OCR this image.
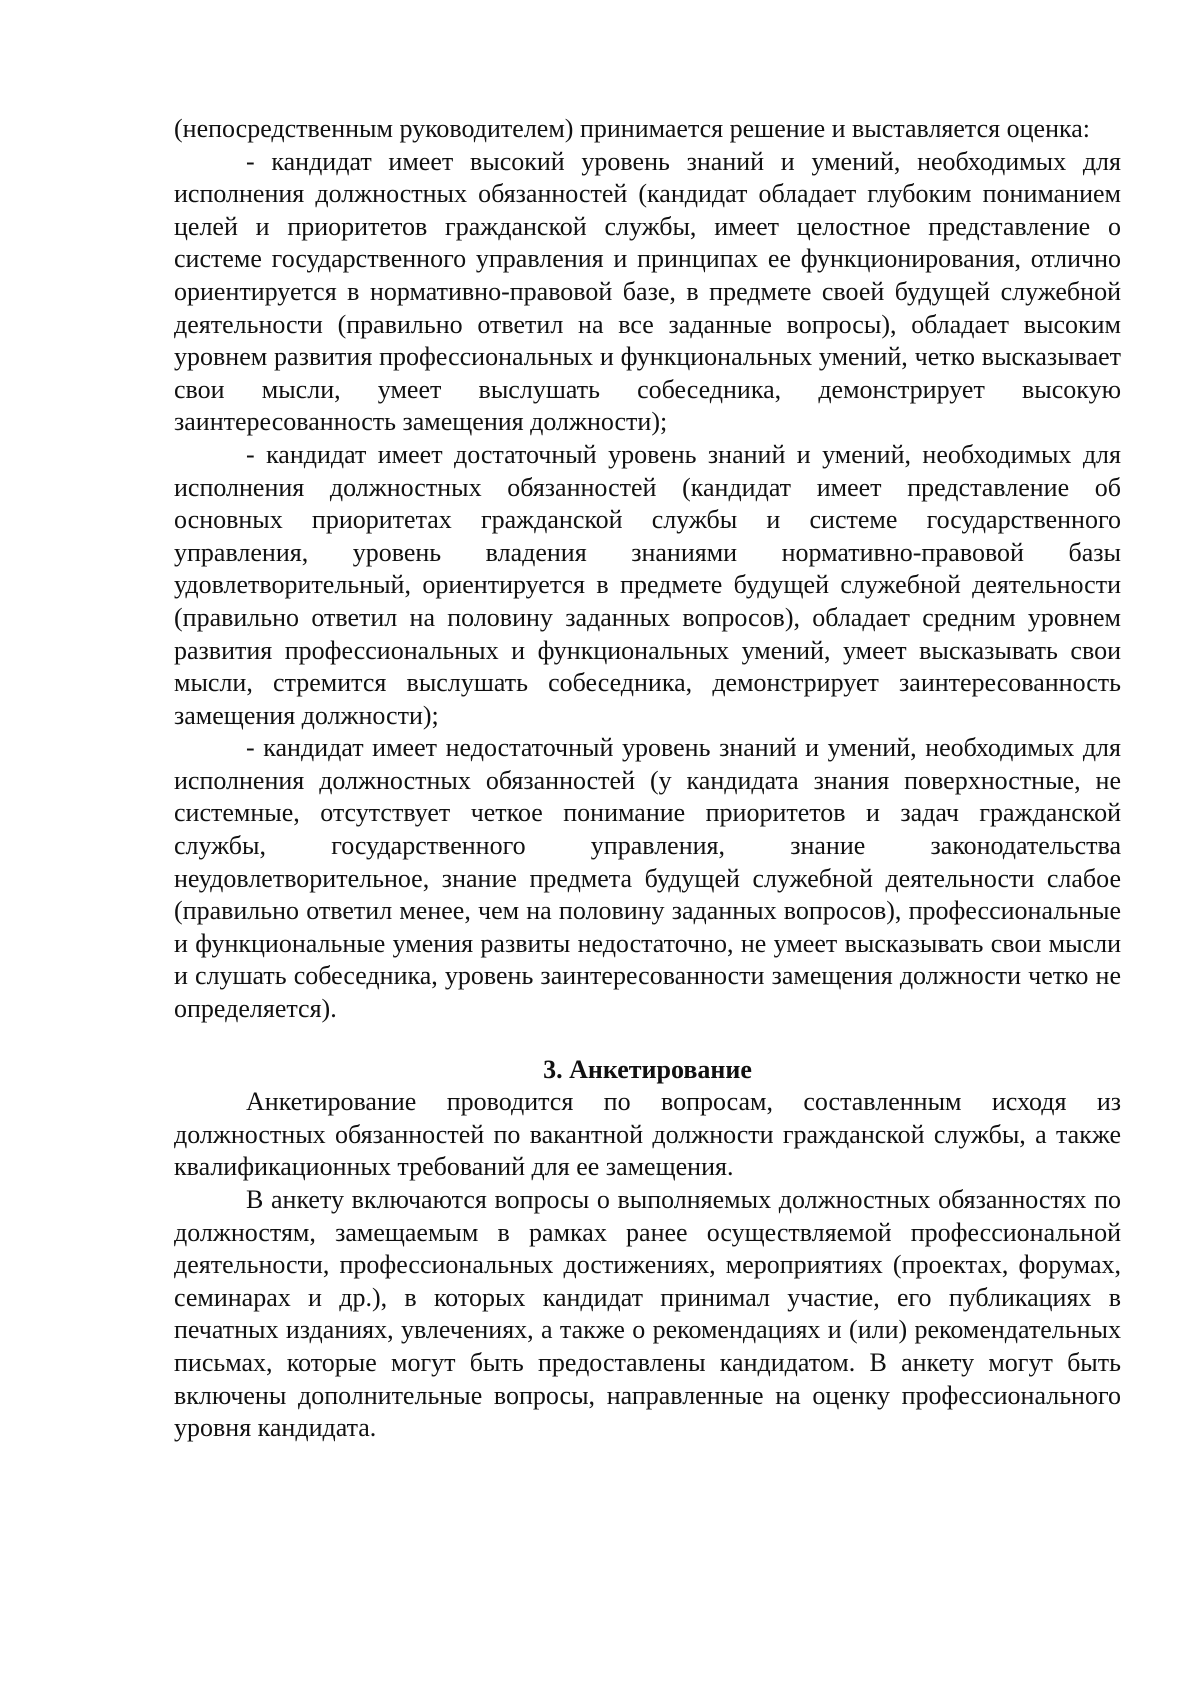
(непосредственным руководителем) принимается решение и выставляется оценка:

- кандидат имеет высокий уровень знаний и умений, необходимых для исполнения должностных обязанностей (кандидат обладает глубоким пониманием целей и приоритетов гражданской службы, имеет целостное представление о системе государственного управления и принципах ее функционирования, отлично ориентируется в нормативно-правовой базе, в предмете своей будущей служебной деятельности (правильно ответил на все заданные вопросы), обладает высоким уровнем развития профессиональных и функциональных умений, четко высказывает свои мысли, умеет выслушать собеседника, демонстрирует высокую заинтересованность замещения должности);

- кандидат имеет достаточный уровень знаний и умений, необходимых для исполнения должностных обязанностей (кандидат имеет представление об основных приоритетах гражданской службы и системе государственного управления, уровень владения знаниями нормативно-правовой базы удовлетворительный, ориентируется в предмете будущей служебной деятельности (правильно ответил на половину заданных вопросов), обладает средним уровнем развития профессиональных и функциональных умений, умеет высказывать свои мысли, стремится выслушать собеседника, демонстрирует заинтересованность замещения должности);

- кандидат имеет недостаточный уровень знаний и умений, необходимых для исполнения должностных обязанностей (у кандидата знания поверхностные, не системные, отсутствует четкое понимание приоритетов и задач гражданской службы, государственного управления, знание законодательства неудовлетворительное, знание предмета будущей служебной деятельности слабое (правильно ответил менее, чем на половину заданных вопросов), профессиональные и функциональные умения развиты недостаточно, не умеет высказывать свои мысли и слушать собеседника, уровень заинтересованности замещения должности четко не определяется).

3. Анкетирование

Анкетирование проводится по вопросам, составленным исходя из должностных обязанностей по вакантной должности гражданской службы, а также квалификационных требований для ее замещения.

В анкету включаются вопросы о выполняемых должностных обязанностях по должностям, замещаемым в рамках ранее осуществляемой профессиональной деятельности, профессиональных достижениях, мероприятиях (проектах, форумах, семинарах и др.), в которых кандидат принимал участие, его публикациях в печатных изданиях, увлечениях, а также о рекомендациях и (или) рекомендательных письмах, которые могут быть предоставлены кандидатом. В анкету могут быть включены дополнительные вопросы, направленные на оценку профессионального уровня кандидата.
